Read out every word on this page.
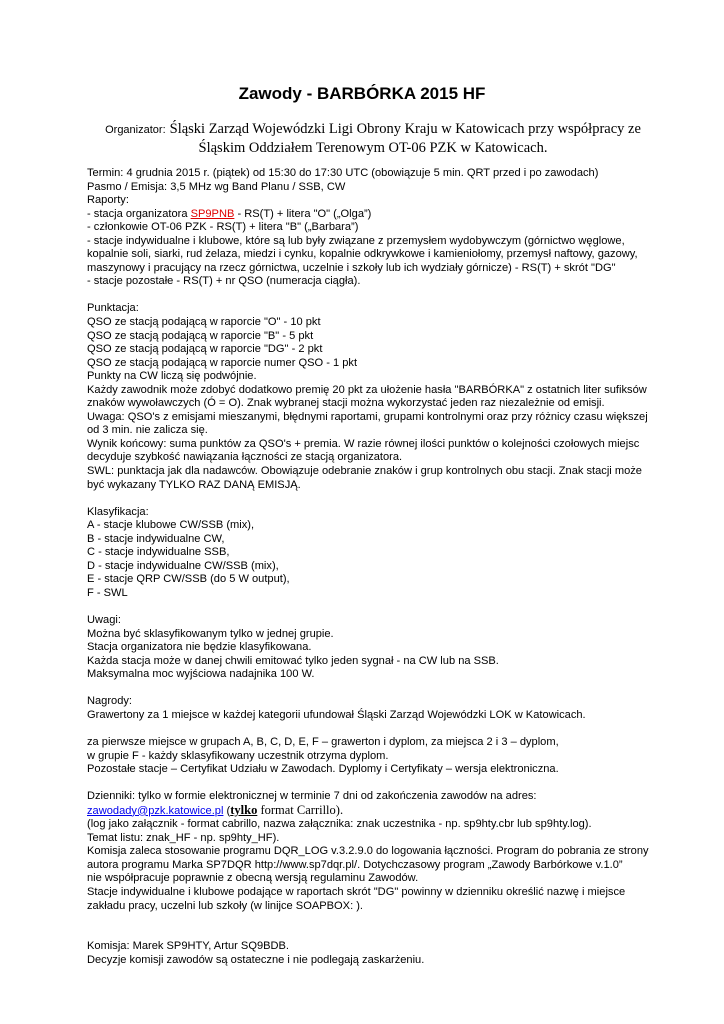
Zawody - BARBÓRKA 2015 HF
Organizator: Śląski Zarząd Wojewódzki Ligi Obrony Kraju w Katowicach przy współpracy ze
Śląskim Oddziałem Terenowym OT-06 PZK w Katowicach.
Termin: 4 grudnia 2015 r. (piątek) od 15:30 do 17:30 UTC (obowiązuje 5 min. QRT przed i po zawodach)
Pasmo / Emisja: 3,5 MHz wg Band Planu / SSB, CW
Raporty:
- stacja organizatora SP9PNB - RS(T) + litera "O" („Olga”)
- członkowie OT-06 PZK - RS(T) + litera "B" („Barbara”)
- stacje indywidualne i klubowe, które są lub były związane z przemysłem wydobywczym (górnictwo węglowe,
kopalnie soli, siarki, rud żelaza, miedzi i cynku, kopalnie odkrywkowe i kamieniołomy, przemysł naftowy, gazowy,
maszynowy i pracujący na rzecz górnictwa, uczelnie i szkoły lub ich wydziały górnicze) - RS(T) + skrót "DG"
- stacje pozostałe - RS(T) + nr QSO (numeracja ciągła).
Punktacja:
QSO ze stacją podającą w raporcie "O" - 10 pkt
QSO ze stacją podającą w raporcie "B" - 5 pkt
QSO ze stacją podającą w raporcie "DG" - 2 pkt
QSO ze stacją podającą w raporcie numer QSO - 1 pkt
Punkty na CW liczą się podwójnie.
Każdy zawodnik może zdobyć dodatkowo premię 20 pkt za ułożenie hasła "BARBÓRKA" z ostatnich liter sufiksów
znaków wywoławczych (Ó = O). Znak wybranej stacji można wykorzystać jeden raz niezależnie od emisji.
Uwaga: QSO's z emisjami mieszanymi, błędnymi raportami, grupami kontrolnymi oraz przy różnicy czasu większej
od 3 min. nie zalicza się.
Wynik końcowy: suma punktów za QSO's + premia. W razie równej ilości punktów o kolejności czołowych miejsc
decyduje szybkość nawiązania łączności ze stacją organizatora.
SWL: punktacja jak dla nadawców. Obowiązuje odebranie znaków i grup kontrolnych obu stacji. Znak stacji może
być wykazany TYLKO RAZ DANĄ EMISJĄ.
Klasyfikacja:
A - stacje klubowe CW/SSB (mix),
B - stacje indywidualne CW,
C - stacje indywidualne SSB,
D - stacje indywidualne CW/SSB (mix),
E - stacje QRP CW/SSB (do 5 W output),
F - SWL
Uwagi:
Można być sklasyfikowanym tylko w jednej grupie.
Stacja organizatora nie będzie klasyfikowana.
Każda stacja może w danej chwili emitować tylko jeden sygnał - na CW lub na SSB.
Maksymalna moc wyjściowa nadajnika 100 W.
Nagrody:
Grawertony za 1 miejsce w każdej kategorii ufundował Śląski Zarząd Wojewódzki LOK w Katowicach.
za pierwsze miejsce w grupach A, B, C, D, E, F – grawerton i dyplom, za miejsca 2 i 3 – dyplom,
w grupie F - każdy sklasyfikowany uczestnik otrzyma dyplom.
Pozostałe stacje – Certyfikat Udziału w Zawodach. Dyplomy i Certyfikaty – wersja elektroniczna.
Dzienniki: tylko w formie elektronicznej w terminie 7 dni od zakończenia zawodów na adres:
zawodady@pzk.katowice.pl (tylko format Carrillo).
(log jako załącznik - format cabrillo, nazwa załącznika: znak uczestnika - np. sp9hty.cbr lub sp9hty.log).
Temat listu: znak_HF - np. sp9hty_HF).
Komisja zaleca stosowanie programu DQR_LOG v.3.2.9.0 do logowania łączności. Program do pobrania ze strony
autora programu Marka SP7DQR http://www.sp7dqr.pl/. Dotychczasowy program „Zawody Barbórkowe v.1.0”
nie współpracuje poprawnie z obecną wersją regulaminu Zawodów.
Stacje indywidualne i klubowe podające w raportach skrót "DG" powinny w dzienniku określić nazwę i miejsce
zakładu pracy, uczelni lub szkoły (w linijce SOAPBOX: ).
Komisja: Marek SP9HTY, Artur SQ9BDB.
Decyzje komisji zawodów są ostateczne i nie podlegają zaskarżeniu.
